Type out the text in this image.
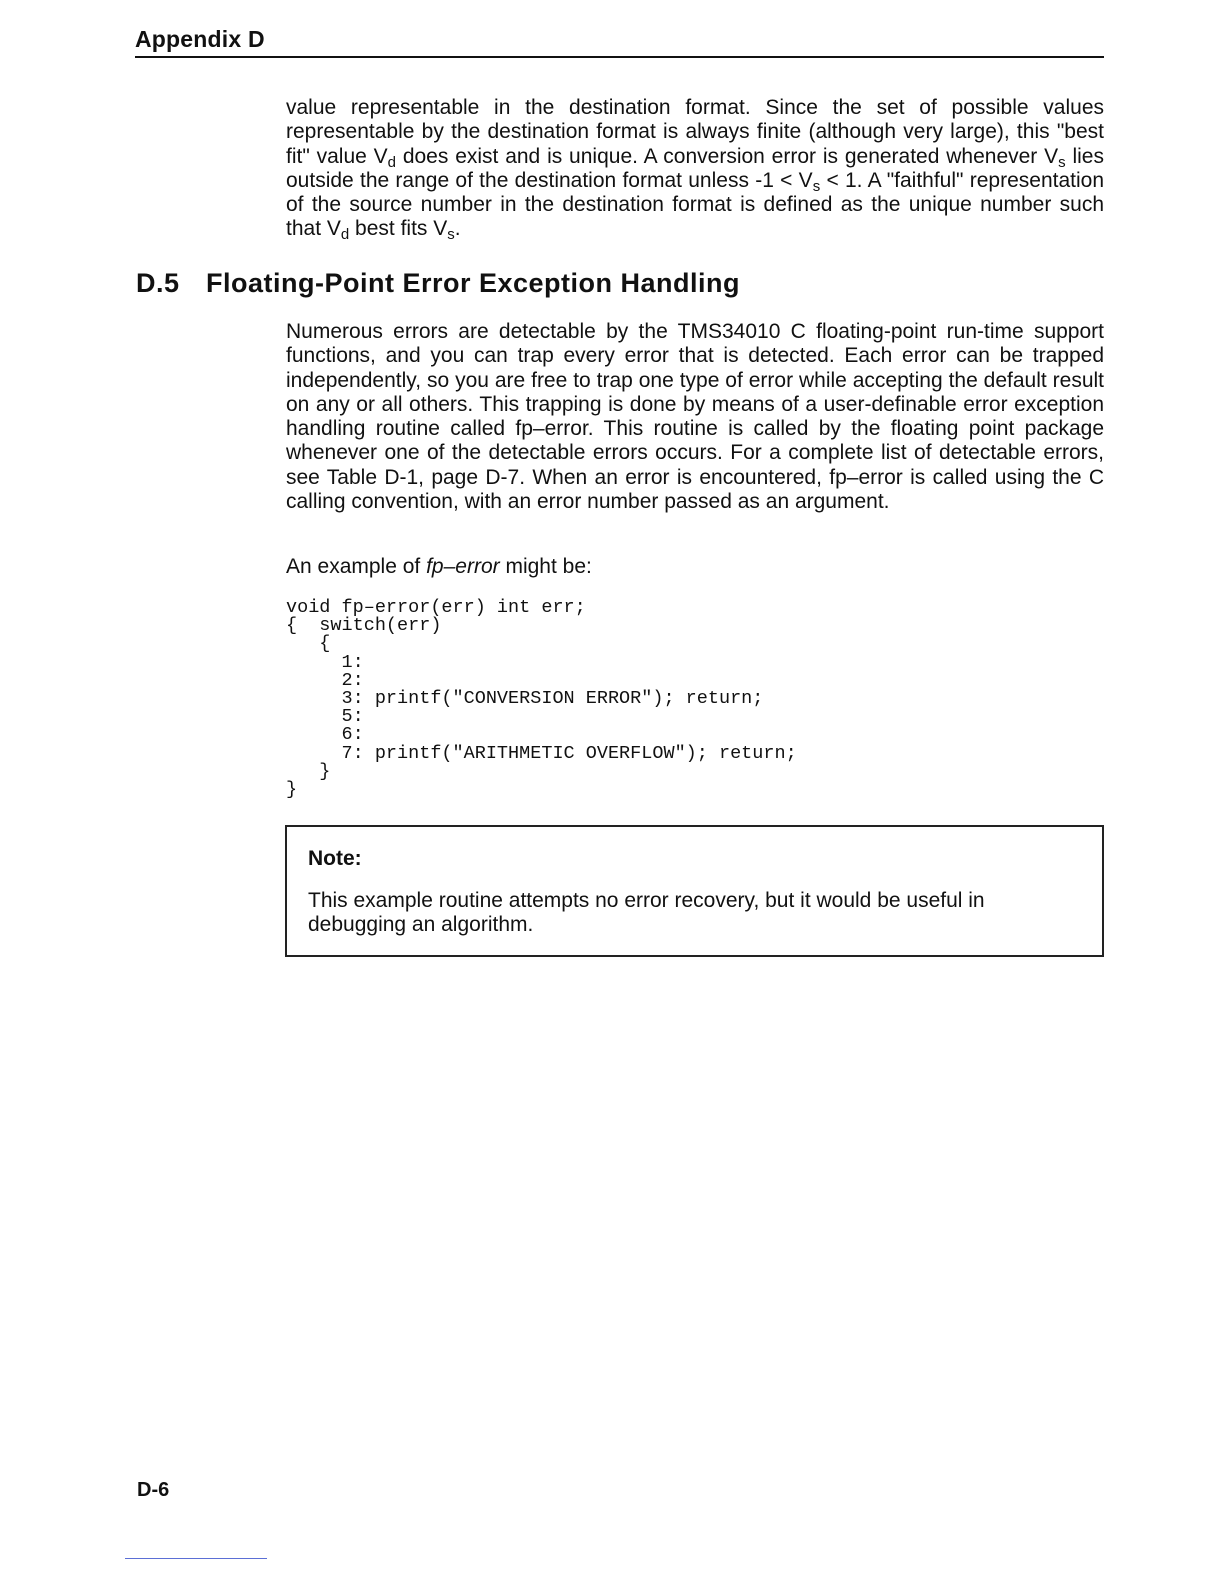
Appendix D

value representable in the destination format. Since the set of possible values representable by the destination format is always finite (although very large), this "best fit" value $V_d$ does exist and is unique. A conversion error is generated whenever $V_s$ lies outside the range of the destination format unless $-1 < V_s < 1$. A "faithful" representation of the source number in the destination format is defined as the unique number such that $V_d$ best fits $V_s$.

D.5 Floating-Point Error Exception Handling

Numerous errors are detectable by the TMS34010 C floating-point run-time support functions, and you can trap every error that is detected. Each error can be trapped independently, so you are free to trap one type of error while accepting the default result on any or all others. This trapping is done by means of a user-definable error exception handling routine called fp–error. This routine is called by the floating point package whenever one of the detectable errors occurs. For a complete list of detectable errors, see Table D-1, page D-7. When an error is encountered, fp–error is called using the C calling convention, with an error number passed as an argument.

An example of fp–error might be:
void fp–error(err) int err;
{  switch(err)
{
1:
2:
3: printf("CONVERSION ERROR"); return;
5:
6:
7: printf("ARITHMETIC OVERFLOW"); return;
}
}
Note:
This example routine attempts no error recovery, but it would be useful in debugging an algorithm.
D-6
